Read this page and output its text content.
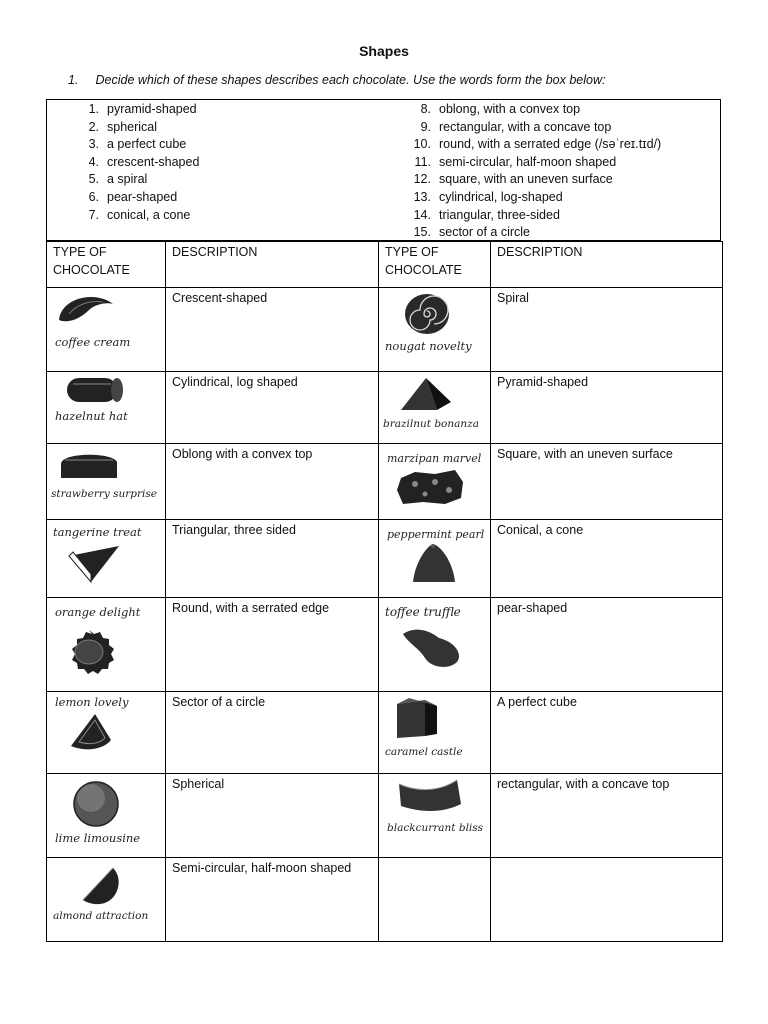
Shapes
1. Decide which of these shapes describes each chocolate. Use the words form the box below:
1. pyramid-shaped
2. spherical
3. a perfect cube
4. crescent-shaped
5. a spiral
6. pear-shaped
7. conical, a cone
8. oblong, with a convex top
9. rectangular, with a concave top
10. round, with a serrated edge (/səˈreɪ.tɪd/)
11. semi-circular, half-moon shaped
12. square, with an uneven surface
13. cylindrical, log-shaped
14. triangular, three-sided
15. sector of a circle
TYPE OF CHOCOLATE	DESCRIPTION	TYPE OF CHOCOLATE	DESCRIPTION

coffee cream	Crescent-shaped	nougat novelty	Spiral

hazelnut hat	Cylindrical, log shaped	brazilnut bonanza	Pyramid-shaped

strawberry surprise	Oblong with a convex top	marzipan marvel	Square, with an uneven surface

tangerine treat	Triangular, three sided	peppermint pearl	Conical, a cone

orange delight	Round, with a serrated edge	toffee truffle	pear-shaped

lemon lovely	Sector of a circle	caramel castle	A perfect cube

lime limousine	Spherical	blackcurrant bliss	rectangular, with a concave top

almond attraction	Semi-circular, half-moon shaped		
